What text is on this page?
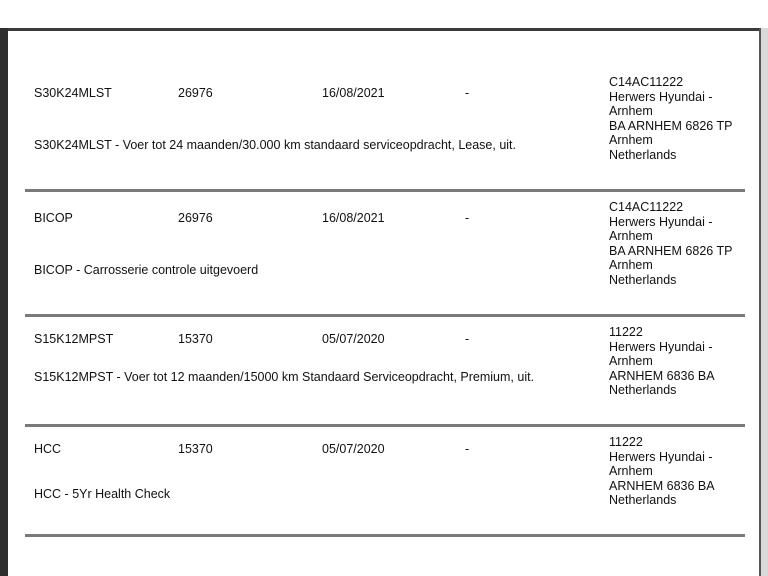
S30K24MLST	26976	16/08/2021	-
C14AC11222
Herwers Hyundai -
Arnhem
BA ARNHEM 6826 TP
Arnhem
Netherlands
S30K24MLST - Voer tot 24 maanden/30.000 km standaard serviceopdracht, Lease, uit.
BICOP	26976	16/08/2021	-
C14AC11222
Herwers Hyundai -
Arnhem
BA ARNHEM 6826 TP
Arnhem
Netherlands
BICOP - Carrosserie controle uitgevoerd
S15K12MPST	15370	05/07/2020	-	11222
Herwers Hyundai -
Arnhem
ARNHEM 6836 BA
Netherlands
S15K12MPST - Voer tot 12 maanden/15000 km Standaard Serviceopdracht, Premium, uit.
HCC	15370	05/07/2020	-	11222
Herwers Hyundai -
Arnhem
ARNHEM 6836 BA
Netherlands
HCC - 5Yr Health Check
